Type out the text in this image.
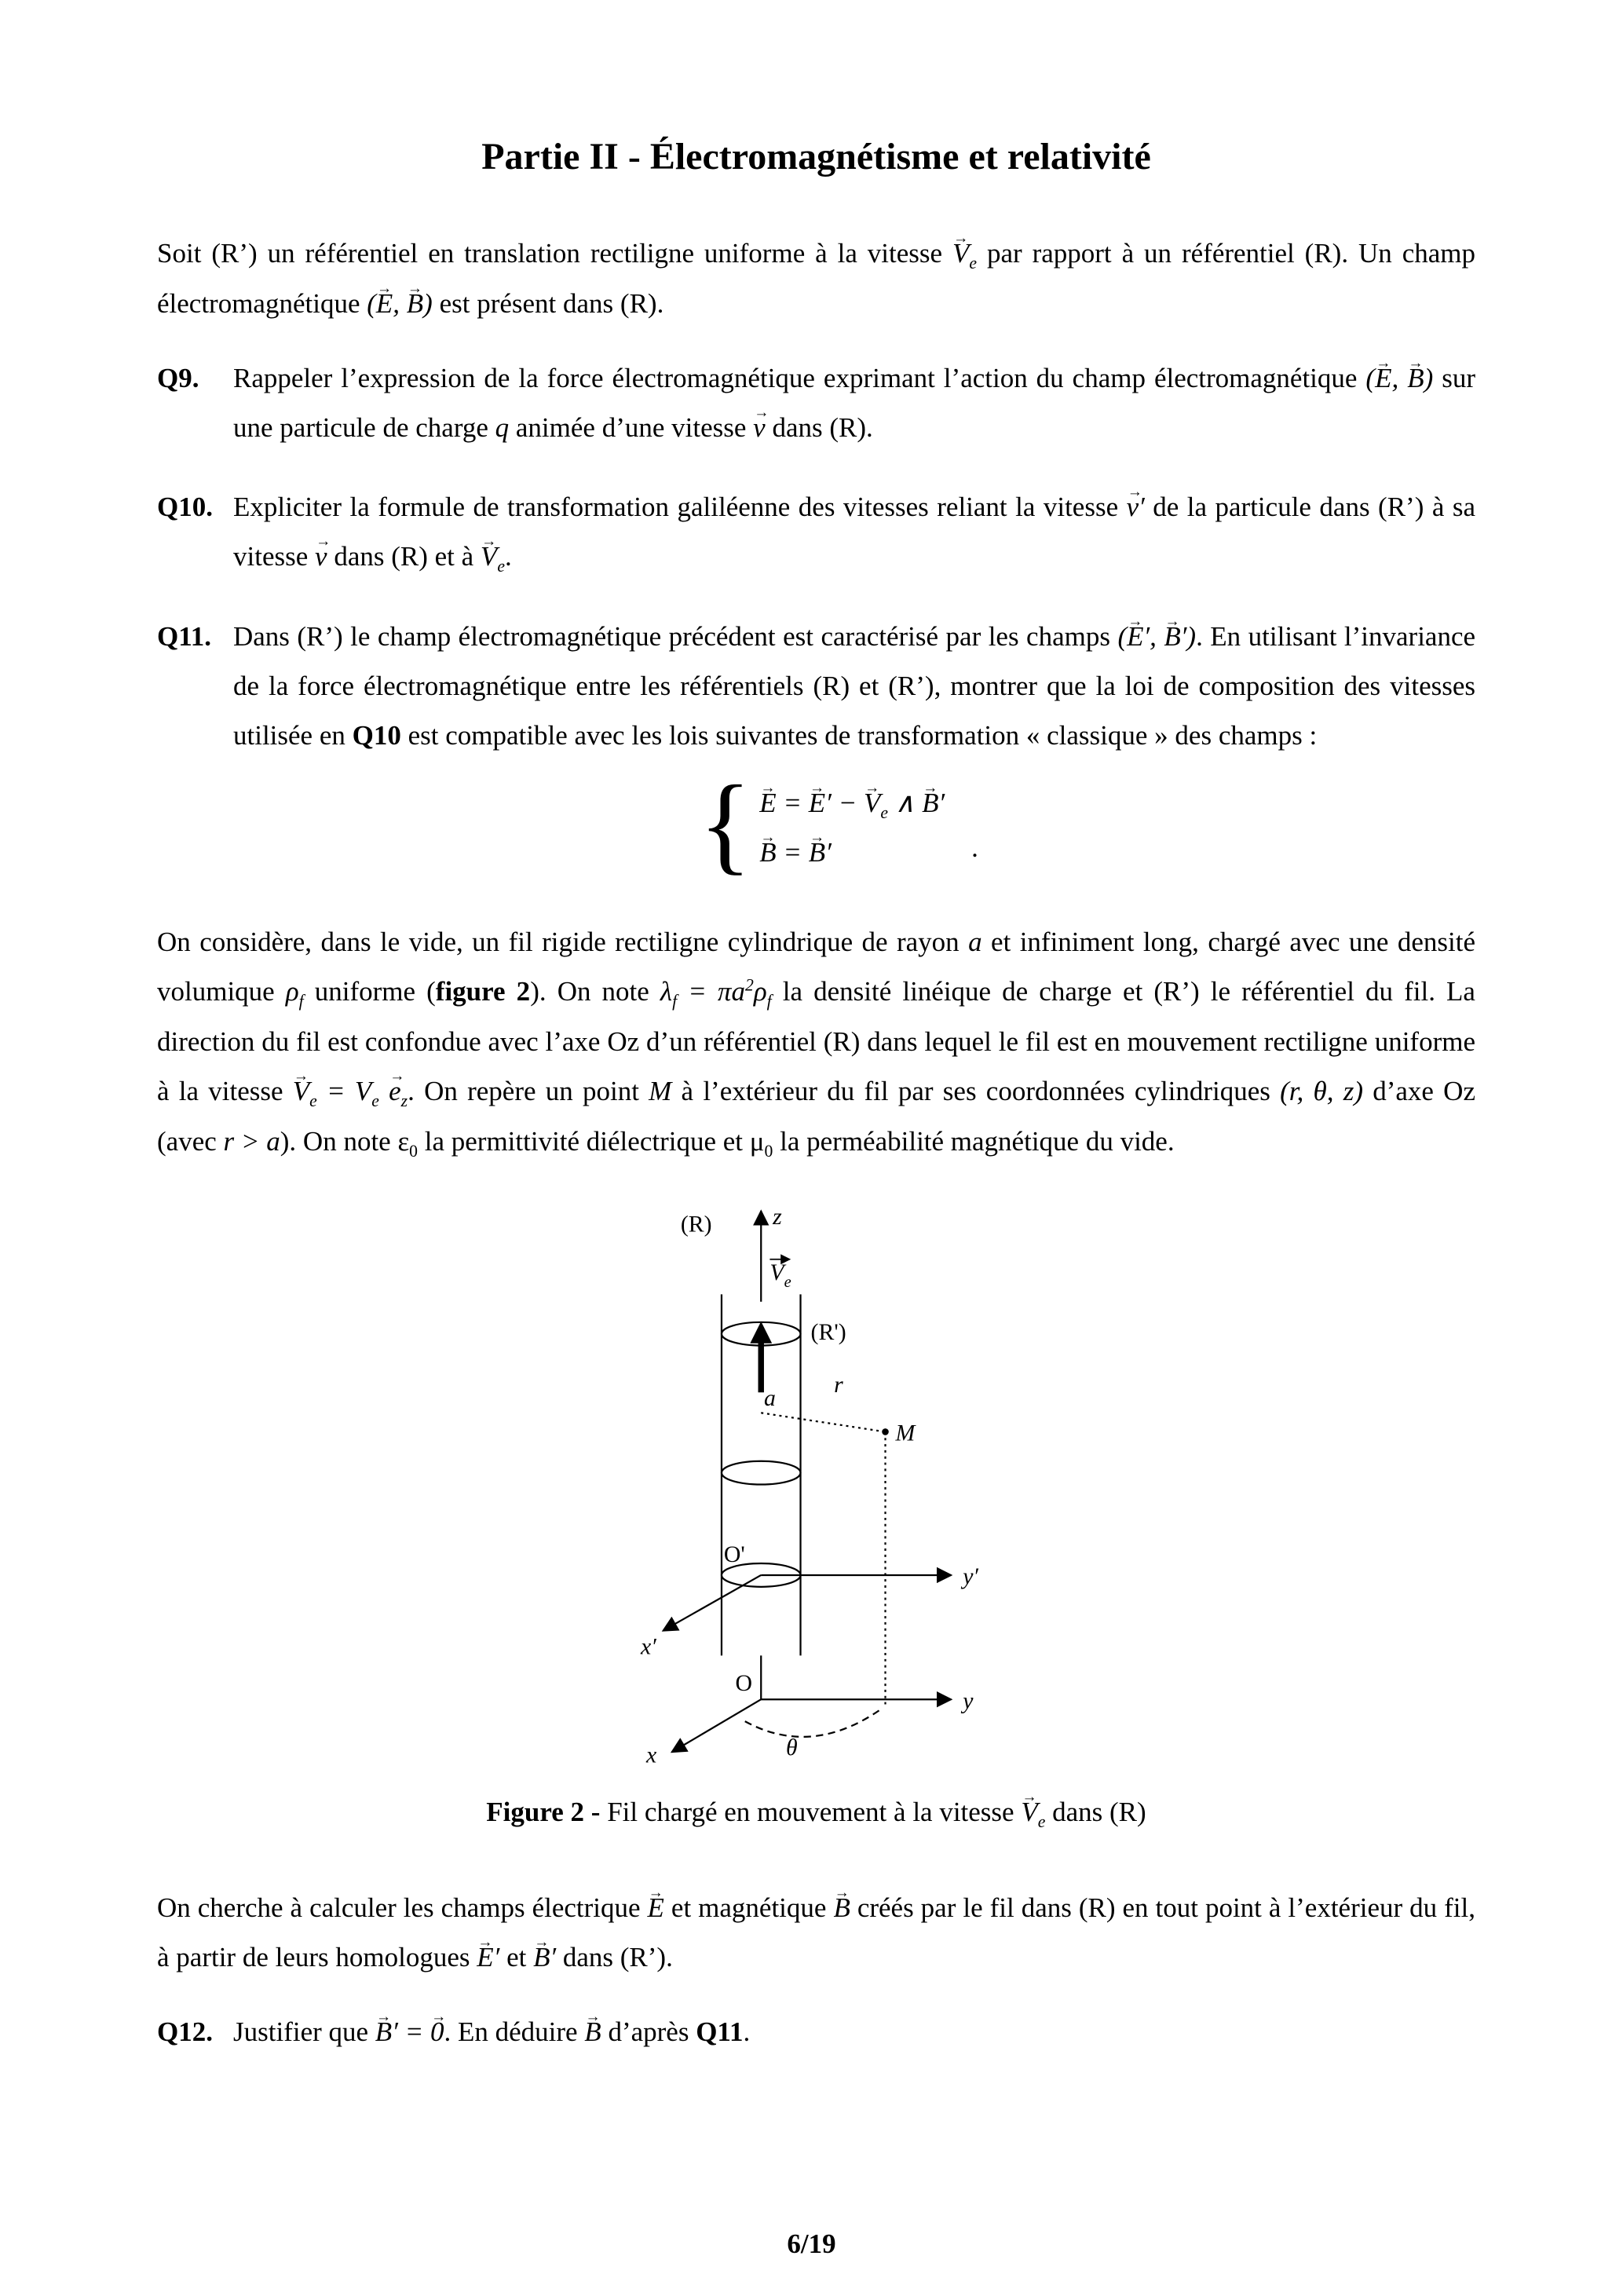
Partie II - Électromagnétisme et relativité

Soit (R’) un référentiel en translation rectiligne uniforme à la vitesse $V \to_e$ par rapport à un référentiel (R). Un champ électromagnétique (E →, B →) est présent dans (R).

Q9.	Rappeler l’expression de la force électromagnétique exprimant l’action du champ électromagnétique (E →, B →) sur une particule de charge q animée d’une vitesse v → dans (R).
Q10. Expliciter la formule de transformation galiléenne des vitesses reliant la vitesse v →′ de la particule dans (R’) à sa vitesse v → dans (R) et à $V \to_e$.
Q11. Dans (R’) le champ électromagnétique précédent est caractérisé par les champs (E →′, B →′). En utilisant l’invariance de la force électromagnétique entre les référentiels (R) et (R’), montrer que la loi de composition des vitesses utilisée en Q10 est compatible avec les lois suivantes de transformation « classique » des champs :
{ E → = E →′ − $V \to_e$ ∧ B →′
B → = B →′	.

On considère, dans le vide, un fil rigide rectiligne cylindrique de rayon a et infiniment long, chargé avec une densité volumique $\rho_f$ uniforme (figure 2). On note $\lambda_f = \pi a^2\rho_f$ la densité linéique de charge et (R’) le référentiel du fil. La direction du fil est confondue avec l’axe Oz d’un référentiel (R) dans lequel le fil est en mouvement rectiligne uniforme à la vitesse $V \to_e = V_e$ $e \to_z$. On repère un point M à l’extérieur du fil par ses coordonnées cylindriques (r, θ, z) d’axe Oz (avec r > a). On note $\varepsilon_0$ la permittivité diélectrique et $\mu_0$ la perméabilité magnétique du vide.

(R)	z
$V_e$
(R')
a
r
M
O'
y′
x′
O
y
x	θ
Figure 2 - Fil chargé en mouvement à la vitesse $V \to_e$ dans (R)

On cherche à calculer les champs électrique E → et magnétique B → créés par le fil dans (R) en tout point à l’extérieur du fil, à partir de leurs homologues E →′ et B →′ dans (R’).

Q12. Justifier que B →′ = 0 →. En déduire B → d’après Q11.
6/19
